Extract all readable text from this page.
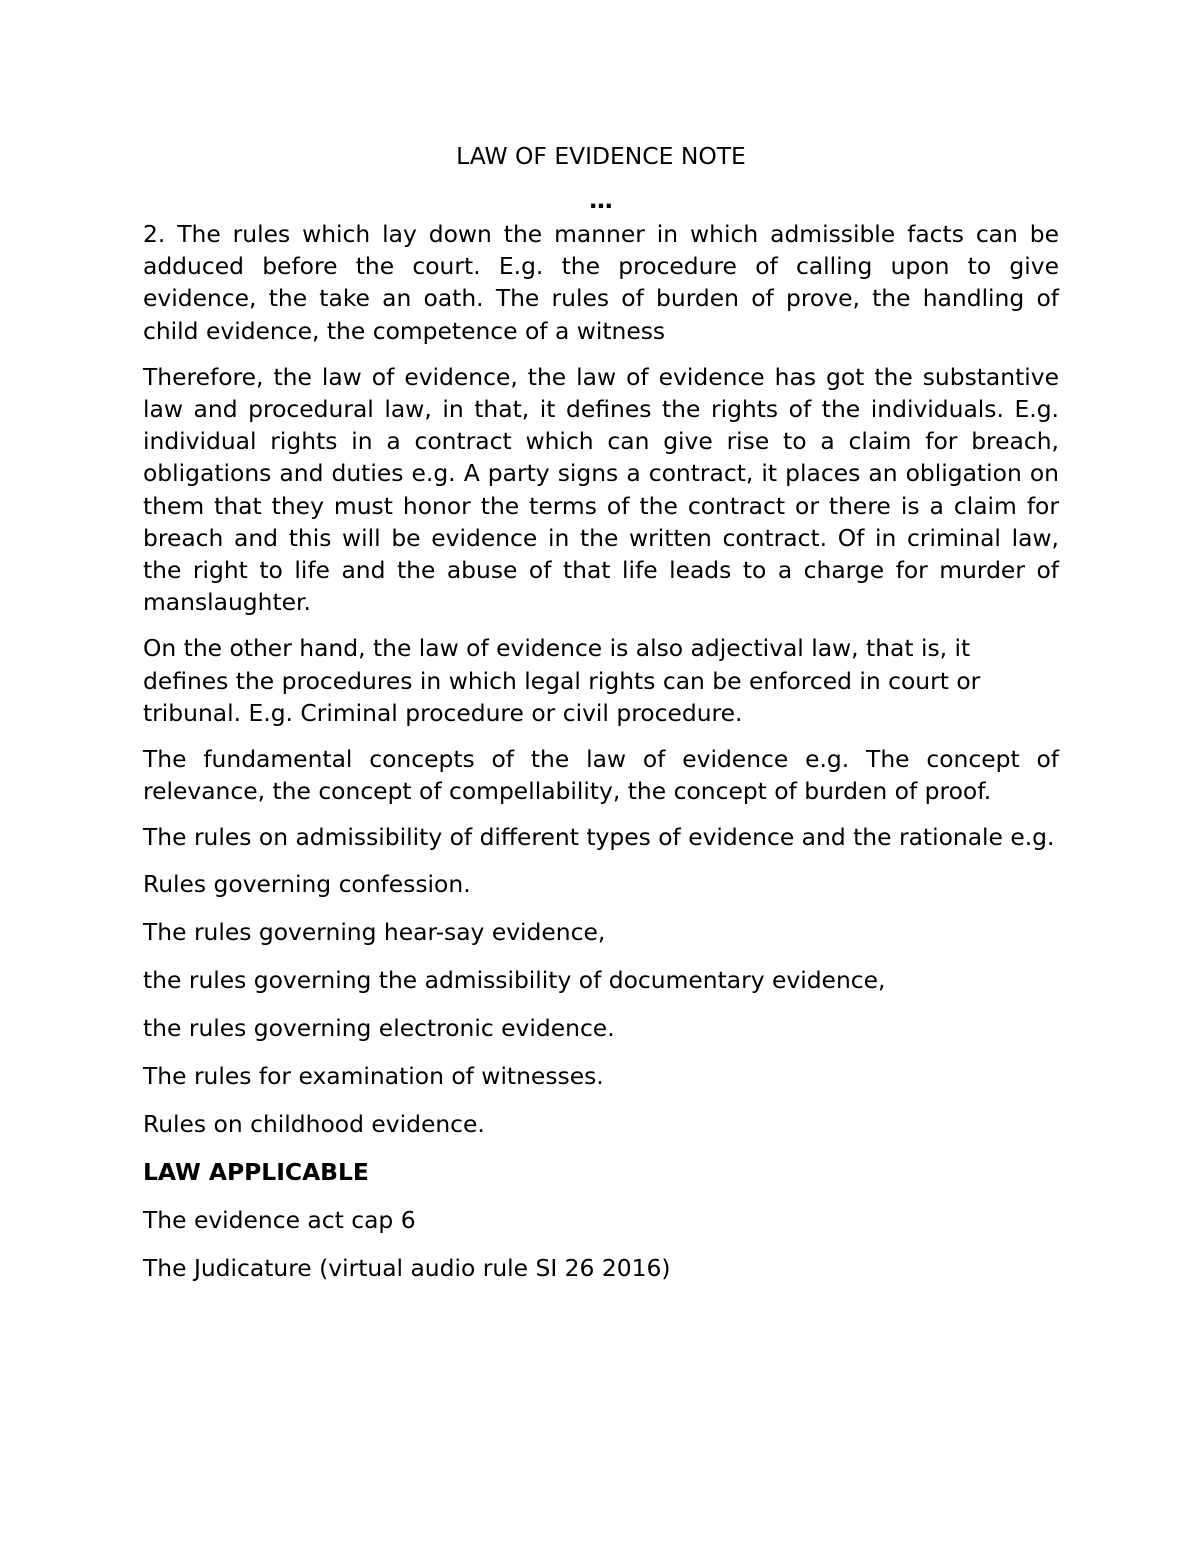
LAW OF EVIDENCE NOTE
…

2. The rules which lay down the manner in which admissible facts can be adduced before the court. E.g. the procedure of calling upon to give evidence, the take an oath. The rules of burden of prove, the handling of child evidence, the competence of a witness

Therefore, the law of evidence, the law of evidence has got the substantive law and procedural law, in that, it defines the rights of the individuals. E.g. individual rights in a contract which can give rise to a claim for breach, obligations and duties e.g. A party signs a contract, it places an obligation on them that they must honor the terms of the contract or there is a claim for breach and this will be evidence in the written contract. Of in criminal law, the right to life and the abuse of that life leads to a charge for murder of manslaughter.

On the other hand, the law of evidence is also adjectival law, that is, it defines the procedures in which legal rights can be enforced in court or tribunal. E.g. Criminal procedure or civil procedure.

The fundamental concepts of the law of evidence e.g. The concept of relevance, the concept of compellability, the concept of burden of proof.

The rules on admissibility of different types of evidence and the rationale e.g.

Rules governing confession.

The rules governing hear-say evidence,

the rules governing the admissibility of documentary evidence,

the rules governing electronic evidence.

The rules for examination of witnesses.

Rules on childhood evidence.

LAW APPLICABLE

The evidence act cap 6

The Judicature (virtual audio rule SI 26 2016)
